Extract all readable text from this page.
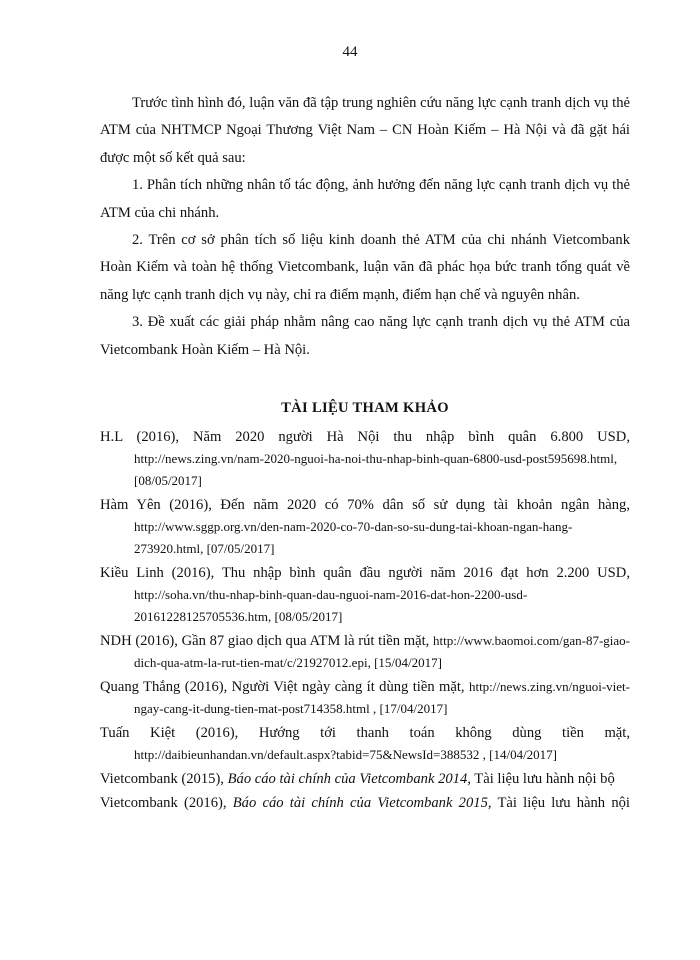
44

Trước tình hình đó, luận văn đã tập trung nghiên cứu năng lực cạnh tranh dịch vụ thẻ ATM của NHTMCP Ngoại Thương Việt Nam – CN Hoàn Kiếm – Hà Nội và đã gặt hái được một số kết quả sau:

1. Phân tích những nhân tố tác động, ảnh hưởng đến năng lực cạnh tranh dịch vụ thẻ ATM của chi nhánh.

2. Trên cơ sở phân tích số liệu kinh doanh thẻ ATM của chi nhánh Vietcombank Hoàn Kiếm và toàn hệ thống Vietcombank, luận văn đã phác họa bức tranh tổng quát về năng lực cạnh tranh dịch vụ này, chỉ ra điểm mạnh, điểm hạn chế và nguyên nhân.

3. Đề xuất các giải pháp nhằm nâng cao năng lực cạnh tranh dịch vụ thẻ ATM của Vietcombank Hoàn Kiếm – Hà Nội.

TÀI LIỆU THAM KHẢO
H.L (2016), Năm 2020 người Hà Nội thu nhập bình quân 6.800 USD, http://news.zing.vn/nam-2020-nguoi-ha-noi-thu-nhap-binh-quan-6800-usd-post595698.html, [08/05/2017]
Hàm Yên (2016), Đến năm 2020 có 70% dân số sử dụng tài khoản ngân hàng, http://www.sggp.org.vn/den-nam-2020-co-70-dan-so-su-dung-tai-khoan-ngan-hang-273920.html, [07/05/2017]
Kiều Linh (2016), Thu nhập bình quân đầu người năm 2016 đạt hơn 2.200 USD, http://soha.vn/thu-nhap-binh-quan-dau-nguoi-nam-2016-dat-hon-2200-usd-20161228125705536.htm, [08/05/2017]
NDH (2016), Gần 87 giao dịch qua ATM là rút tiền mặt, http://www.baomoi.com/gan-87-giao-dich-qua-atm-la-rut-tien-mat/c/21927012.epi, [15/04/2017]
Quang Thắng (2016), Người Việt ngày càng ít dùng tiền mặt, http://news.zing.vn/nguoi-viet-ngay-cang-it-dung-tien-mat-post714358.html , [17/04/2017]
Tuấn Kiệt (2016), Hướng tới thanh toán không dùng tiền mặt, http://daibieunhandan.vn/default.aspx?tabid=75&NewsId=388532 , [14/04/2017]
Vietcombank (2015), Báo cáo tài chính của Vietcombank 2014, Tài liệu lưu hành nội bộ
Vietcombank (2016), Báo cáo tài chính của Vietcombank 2015, Tài liệu lưu hành nội
